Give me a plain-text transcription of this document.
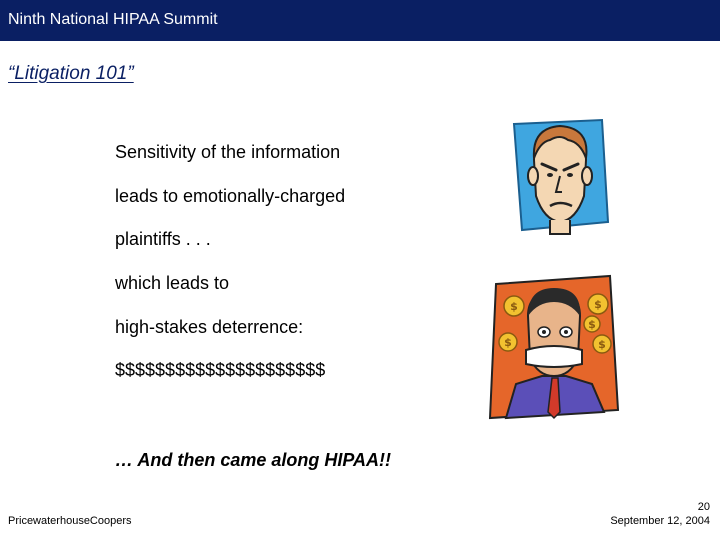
Ninth National HIPAA Summit
“Litigation 101”
Sensitivity of the information
leads to emotionally-charged
plaintiffs . . .
which leads to
high-stakes deterrence:
$$$$$$$$$$$$$$$$$$$$$
… And then came along HIPAA!!
$	$
$	$
$
PricewaterhouseCoopers
20
September 12, 2004
